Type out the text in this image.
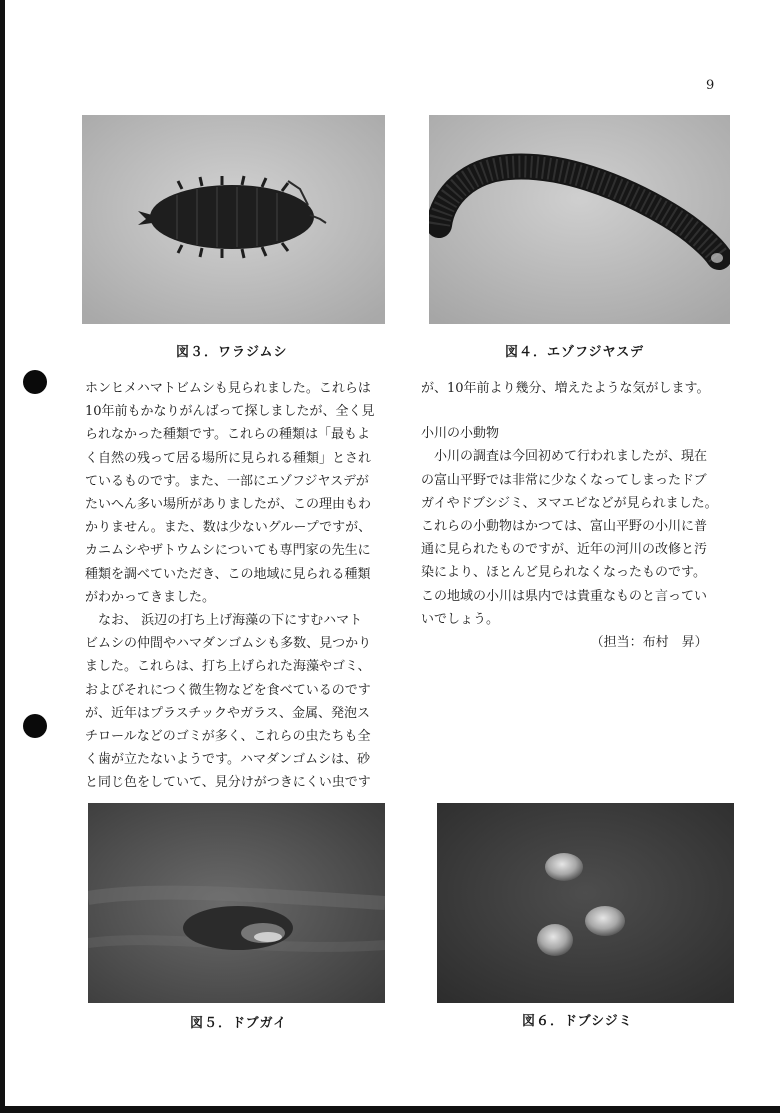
9
図３．ワラジムシ	図４．エゾフジヤスデ

ホンヒメハマトビムシも見られました。これらは

10年前もかなりがんばって探しましたが、全く見

られなかった種類です。これらの種類は「最もよ

く自然の残って居る場所に見られる種類」とされ

ているものです。また、一部にエゾフジヤスデが

たいへん多い場所がありましたが、この理由もわ

かりません。また、数は少ないグループですが、

カニムシやザトウムシについても専門家の先生に

種類を調べていただき、この地域に見られる種類

がわかってきました。

　なお、 浜辺の打ち上げ海藻の下にすむハマト

ビムシの仲間やハマダンゴムシも多数、見つかり

ました。これらは、打ち上げられた海藻やゴミ、

およびそれにつく微生物などを食べているのです

が、近年はプラスチックやガラス、金属、発泡ス

チロールなどのゴミが多く、これらの虫たちも全

く歯が立たないようです。ハマダンゴムシは、砂

と同じ色をしていて、見分けがつきにくい虫です

が、10年前より幾分、増えたような気がします。

小川の小動物

　小川の調査は今回初めて行われましたが、現在

の富山平野では非常に少なくなってしまったドブ

ガイやドブシジミ、ヌマエビなどが見られました。

これらの小動物はかつては、富山平野の小川に普

通に見られたものですが、近年の河川の改修と汚

染により、ほとんど見られなくなったものです。

この地域の小川は県内では貴重なものと言ってい

いでしょう。

（担当：布村　昇）

図５．ドブガイ	図６．ドブシジミ
